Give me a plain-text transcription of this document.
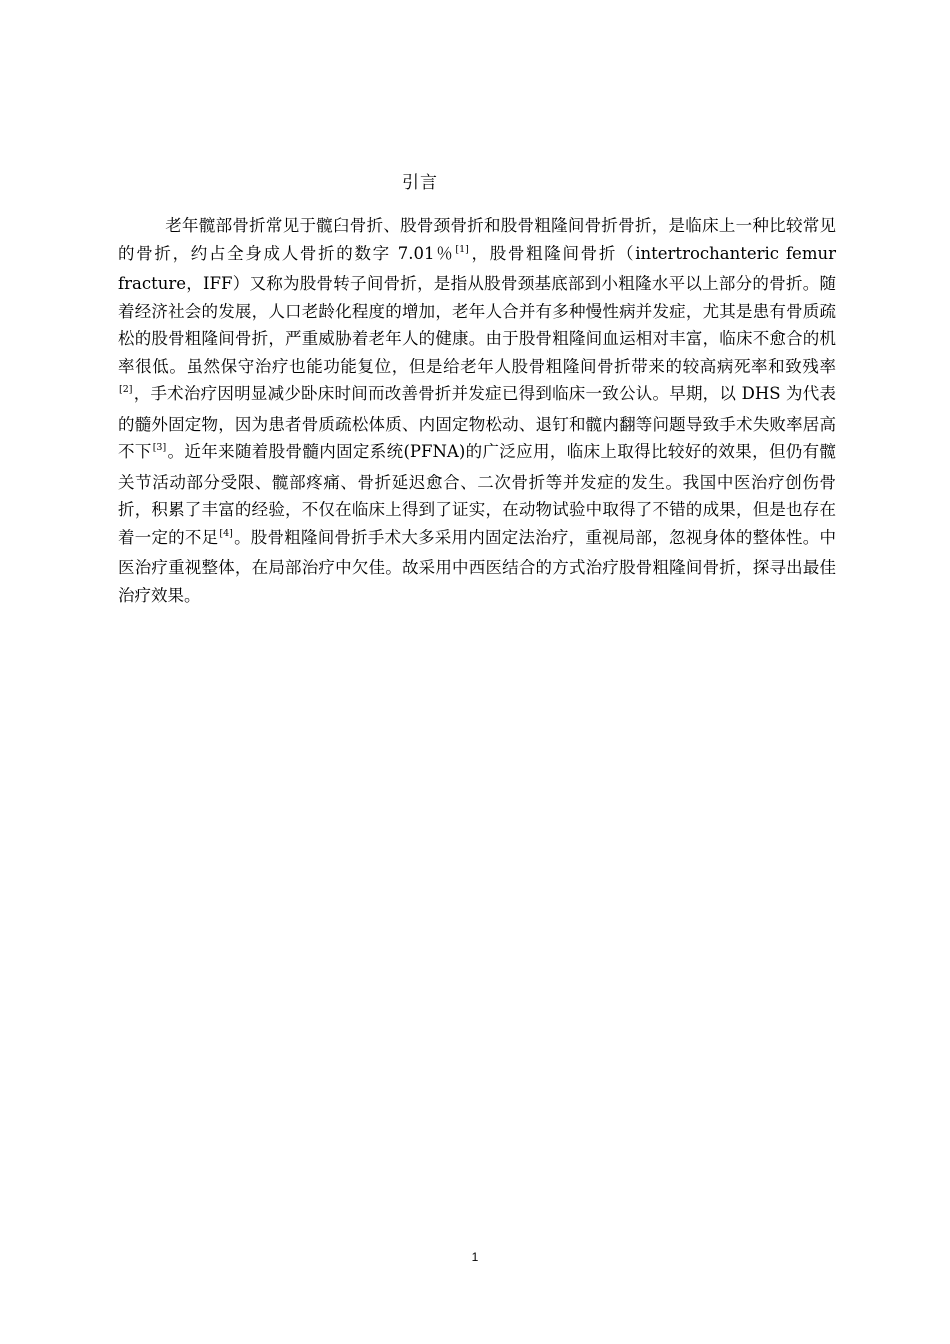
引言

老年髋部骨折常见于髋臼骨折、股骨颈骨折和股骨粗隆间骨折骨折，是临床上一种比较常见的骨折，约占全身成人骨折的数字 7.01％[1]，股骨粗隆间骨折（intertrochanteric femur fracture，IFF）又称为股骨转子间骨折，是指从股骨颈基底部到小粗隆水平以上部分的骨折。随着经济社会的发展，人口老龄化程度的增加，老年人合并有多种慢性病并发症，尤其是患有骨质疏松的股骨粗隆间骨折，严重威胁着老年人的健康。由于股骨粗隆间血运相对丰富，临床不愈合的机率很低。虽然保守治疗也能功能复位，但是给老年人股骨粗隆间骨折带来的较高病死率和致残率[2]，手术治疗因明显减少卧床时间而改善骨折并发症已得到临床一致公认。早期，以 DHS 为代表的髓外固定物，因为患者骨质疏松体质、内固定物松动、退钉和髋内翻等问题导致手术失败率居高不下[3]。近年来随着股骨髓内固定系统(PFNA)的广泛应用，临床上取得比较好的效果，但仍有髋关节活动部分受限、髋部疼痛、骨折延迟愈合、二次骨折等并发症的发生。我国中医治疗创伤骨折，积累了丰富的经验，不仅在临床上得到了证实，在动物试验中取得了不错的成果，但是也存在着一定的不足[4]。股骨粗隆间骨折手术大多采用内固定法治疗，重视局部，忽视身体的整体性。中医治疗重视整体，在局部治疗中欠佳。故采用中西医结合的方式治疗股骨粗隆间骨折，探寻出最佳治疗效果。

1
